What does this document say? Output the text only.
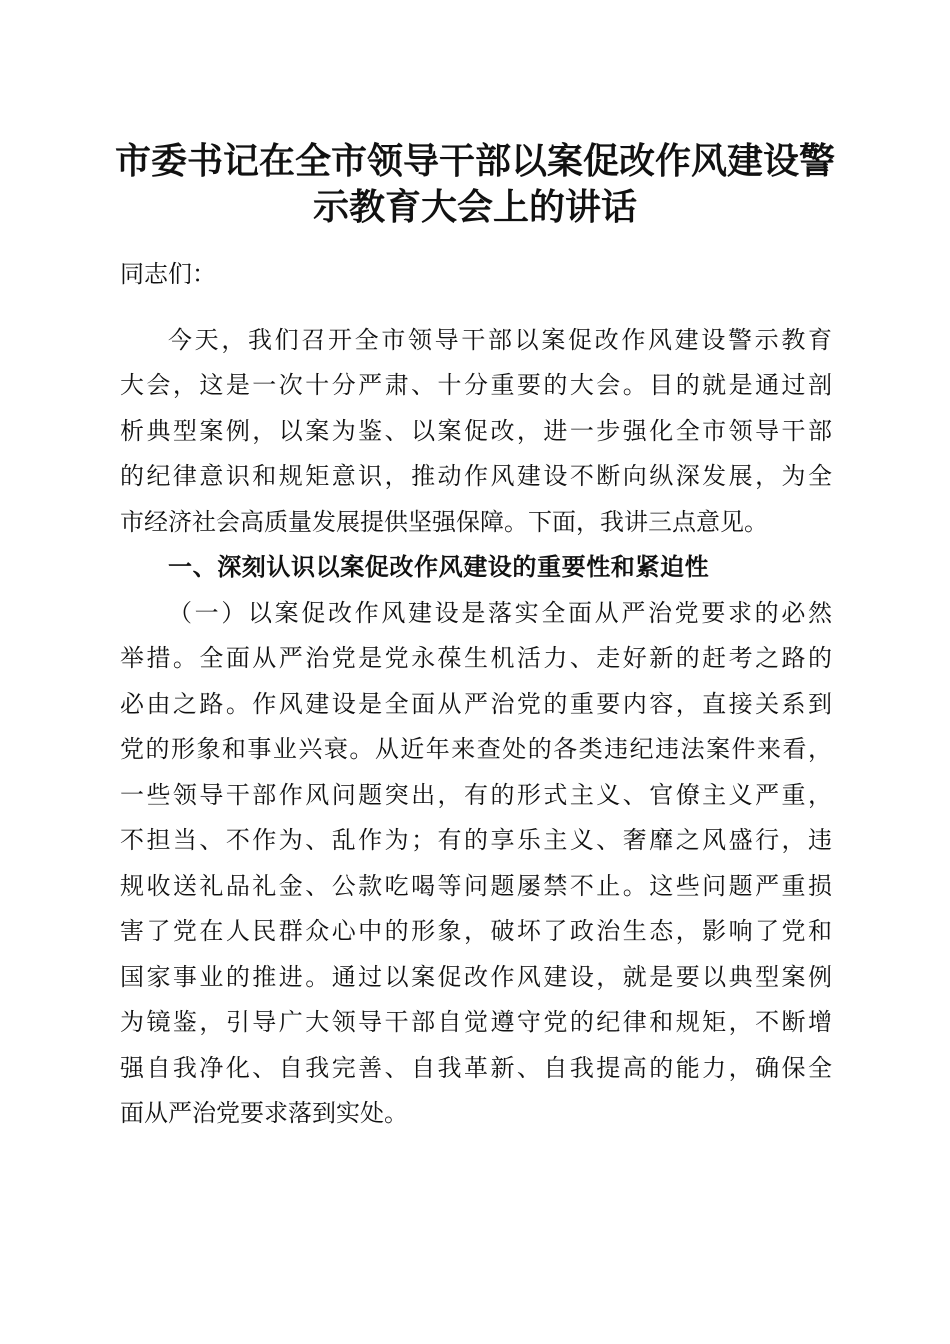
市委书记在全市领导干部以案促改作风建设警
示教育大会上的讲话
同志们：
今天，我们召开全市领导干部以案促改作风建设警示教育
大会，这是一次十分严肃、十分重要的大会。目的就是通过剖
析典型案例，以案为鉴、以案促改，进一步强化全市领导干部
的纪律意识和规矩意识，推动作风建设不断向纵深发展，为全
市经济社会高质量发展提供坚强保障。下面，我讲三点意见。
一、深刻认识以案促改作风建设的重要性和紧迫性
（一）以案促改作风建设是落实全面从严治党要求的必然
举措。全面从严治党是党永葆生机活力、走好新的赶考之路的
必由之路。作风建设是全面从严治党的重要内容，直接关系到
党的形象和事业兴衰。从近年来查处的各类违纪违法案件来看，
一些领导干部作风问题突出，有的形式主义、官僚主义严重，
不担当、不作为、乱作为；有的享乐主义、奢靡之风盛行，违
规收送礼品礼金、公款吃喝等问题屡禁不止。这些问题严重损
害了党在人民群众心中的形象，破坏了政治生态，影响了党和
国家事业的推进。通过以案促改作风建设，就是要以典型案例
为镜鉴，引导广大领导干部自觉遵守党的纪律和规矩，不断增
强自我净化、自我完善、自我革新、自我提高的能力，确保全
面从严治党要求落到实处。
